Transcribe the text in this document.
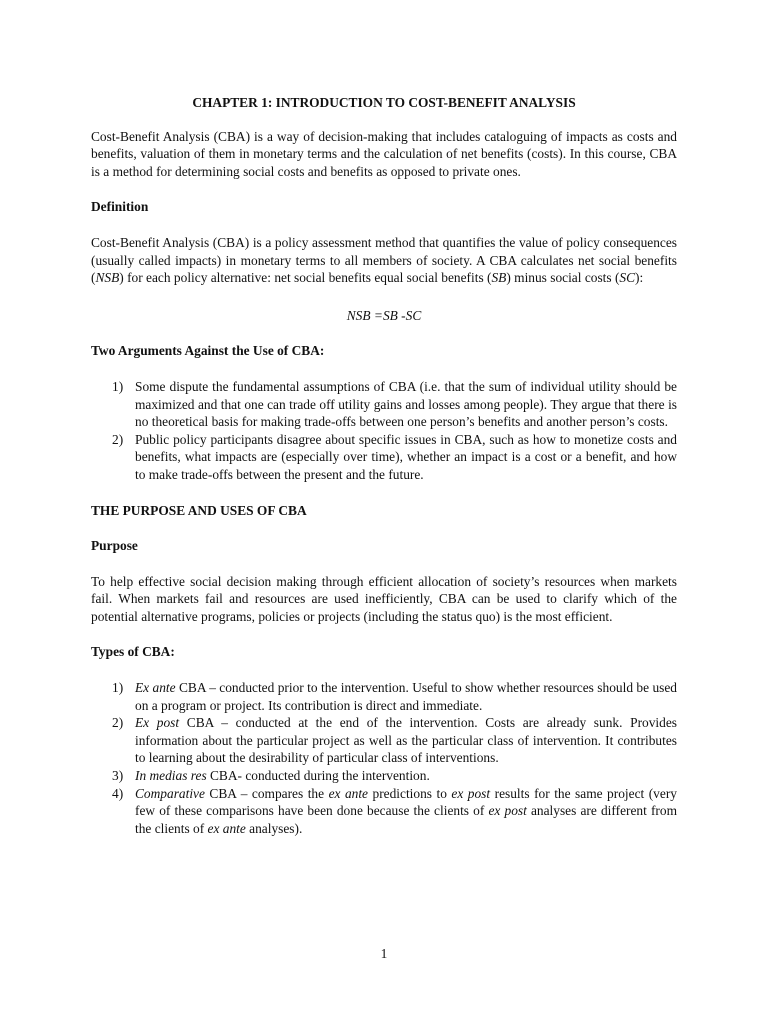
CHAPTER 1: INTRODUCTION TO COST-BENEFIT ANALYSIS

Cost-Benefit Analysis (CBA) is a way of decision-making that includes cataloguing of impacts as costs and benefits, valuation of them in monetary terms and the calculation of net benefits (costs). In this course, CBA is a method for determining social costs and benefits as opposed to private ones.

Definition

Cost-Benefit Analysis (CBA) is a policy assessment method that quantifies the value of policy consequences (usually called impacts) in monetary terms to all members of society. A CBA calculates net social benefits (NSB) for each policy alternative: net social benefits equal social benefits (SB) minus social costs (SC):

NSB =SB -SC
Two Arguments Against the Use of CBA:
1) Some dispute the fundamental assumptions of CBA (i.e. that the sum of individual utility should be maximized and that one can trade off utility gains and losses among people). They argue that there is no theoretical basis for making trade-offs between one person’s benefits and another person’s costs.
2) Public policy participants disagree about specific issues in CBA, such as how to monetize costs and benefits, what impacts are (especially over time), whether an impact is a cost or a benefit, and how to make trade-offs between the present and the future.
THE PURPOSE AND USES OF CBA
Purpose

To help effective social decision making through efficient allocation of society’s resources when markets fail. When markets fail and resources are used inefficiently, CBA can be used to clarify which of the potential alternative programs, policies or projects (including the status quo) is the most efficient.

Types of CBA:
1) Ex ante CBA – conducted prior to the intervention. Useful to show whether resources should be used on a program or project. Its contribution is direct and immediate.
2) Ex post CBA – conducted at the end of the intervention. Costs are already sunk. Provides information about the particular project as well as the particular class of intervention. It contributes to learning about the desirability of particular class of interventions.
3) In medias res CBA- conducted during the intervention.
4) Comparative CBA – compares the ex ante predictions to ex post results for the same project (very few of these comparisons have been done because the clients of ex post analyses are different from the clients of ex ante analyses).
1
